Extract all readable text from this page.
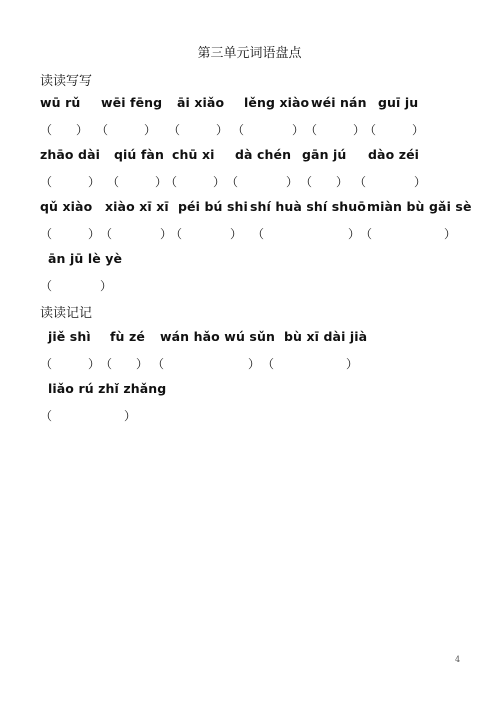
第三单元词语盘点
读读写写
读读记记
wū rǔ wēi fēng āi xiǎo lěng xiào wéi nán guī ju
（　　） （　　　） （　　　） （　　　　） （　　　）
（　　　）
zhāo dài qiú fàn chū xi dà chén gān jú dào zéi
（　　　） （　　　）
（　　　） （　　　　） （　　） （　　　　）
qǔ xiào xiào xī xī péi bú shi shí huà shí shuō miàn bù gǎi sè
（　　　） （　　　　）
（　　　　） （　　　　　　　） （　　　　　　）
ān jū lè yè
（　　　　）
jiě shì fù zé wán hǎo wú sǔn bù xī dài jià
（　　　） （　　） （　　　　　　　） （　　　　　　）
liǎo rú zhǐ zhǎng
（　　　　　　）
4
